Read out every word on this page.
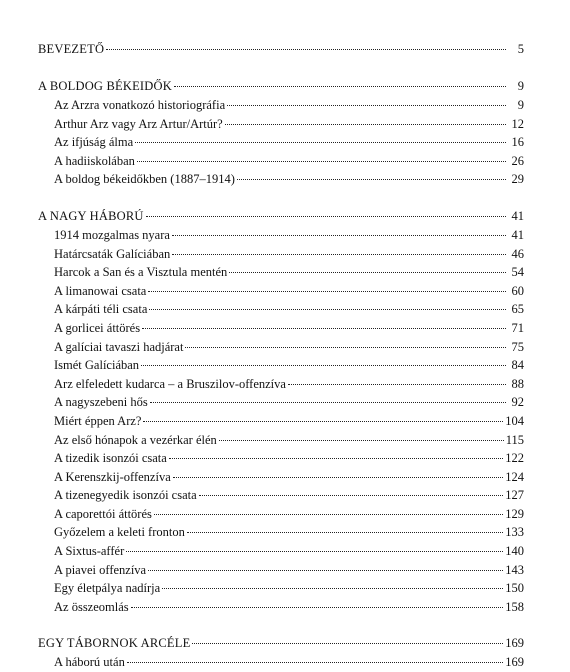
BEVEZETŐ	5
A BOLDOG BÉKEIDŐK	9
Az Arzra vonatkozó historiográfia	9
Arthur Arz vagy Arz Artur/Artúr?	12
Az ifjúság álma	16
A hadiiskolában	26
A boldog békeidőkben (1887–1914)	29
A NAGY HÁBORÚ	41
1914 mozgalmas nyara	41
Határcsaták Galíciában	46
Harcok a San és a Visztula mentén	54
A limanowai csata	60
A kárpáti téli csata	65
A gorlicei áttörés	71
A galíciai tavaszi hadjárat	75
Ismét Galíciában	84
Arz elfeledett kudarca – a Bruszilov-offenzíva	88
A nagyszebeni hős	92
Miért éppen Arz?	104
Az első hónapok a vezérkar élén	115
A tizedik isonzói csata	122
A Kerenszkij-offenzíva	124
A tizenegyedik isonzói csata	127
A caporettói áttörés	129
Győzelem a keleti fronton	133
A Sixtus-affér	140
A piavei offenzíva	143
Egy életpálya nadírja	150
Az összeomlás	158
EGY TÁBORNOK ARCÉLE	169
A háború után	169
